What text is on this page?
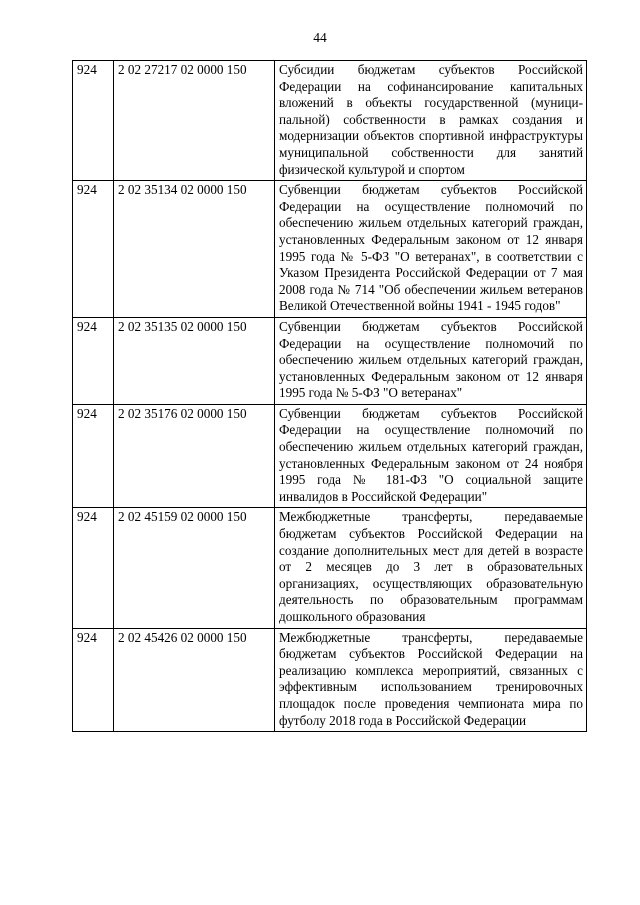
44
924	2 02 27217 02 0000 150	Субсидии бюджетам субъектов Российской Федерации на софинансирование капитальных вложений в объекты государственной (муниципальной) собственности в рамках создания и модернизации объектов спортивной инфраструктуры муниципальной собственности для занятий физической культурой и спортом
924	2 02 35134 02 0000 150	Субвенции бюджетам субъектов Российской Федерации на осуществление полномочий по обеспечению жильем отдельных категорий граждан, установленных Федеральным законом от 12 января 1995 года № 5-ФЗ "О ветеранах", в соответствии с Указом Президента Российской Федерации от 7 мая 2008 года № 714 "Об обеспечении жильем ветеранов Великой Отечественной войны 1941 - 1945 годов"
924	2 02 35135 02 0000 150	Субвенции бюджетам субъектов Российской Федерации на осуществление полномочий по обеспечению жильем отдельных категорий граждан, установленных Федеральным законом от 12 января 1995 года № 5-ФЗ "О ветеранах"
924	2 02 35176 02 0000 150	Субвенции бюджетам субъектов Российской Федерации на осуществление полномочий по обеспечению жильем отдельных категорий граждан, установленных Федеральным законом от 24 ноября 1995 года № 181-ФЗ "О социальной защите инвалидов в Российской Федерации"
924	2 02 45159 02 0000 150	Межбюджетные трансферты, передаваемые бюджетам субъектов Российской Федерации на создание дополнительных мест для детей в возрасте от 2 месяцев до 3 лет в образовательных организациях, осуществляющих образовательную деятельность по образовательным программам дошкольного образования
924	2 02 45426 02 0000 150	Межбюджетные трансферты, передаваемые бюджетам субъектов Российской Федерации на реализацию комплекса мероприятий, связанных с эффективным использованием тренировочных площадок после проведения чемпионата мира по футболу 2018 года в Российской Федерации
